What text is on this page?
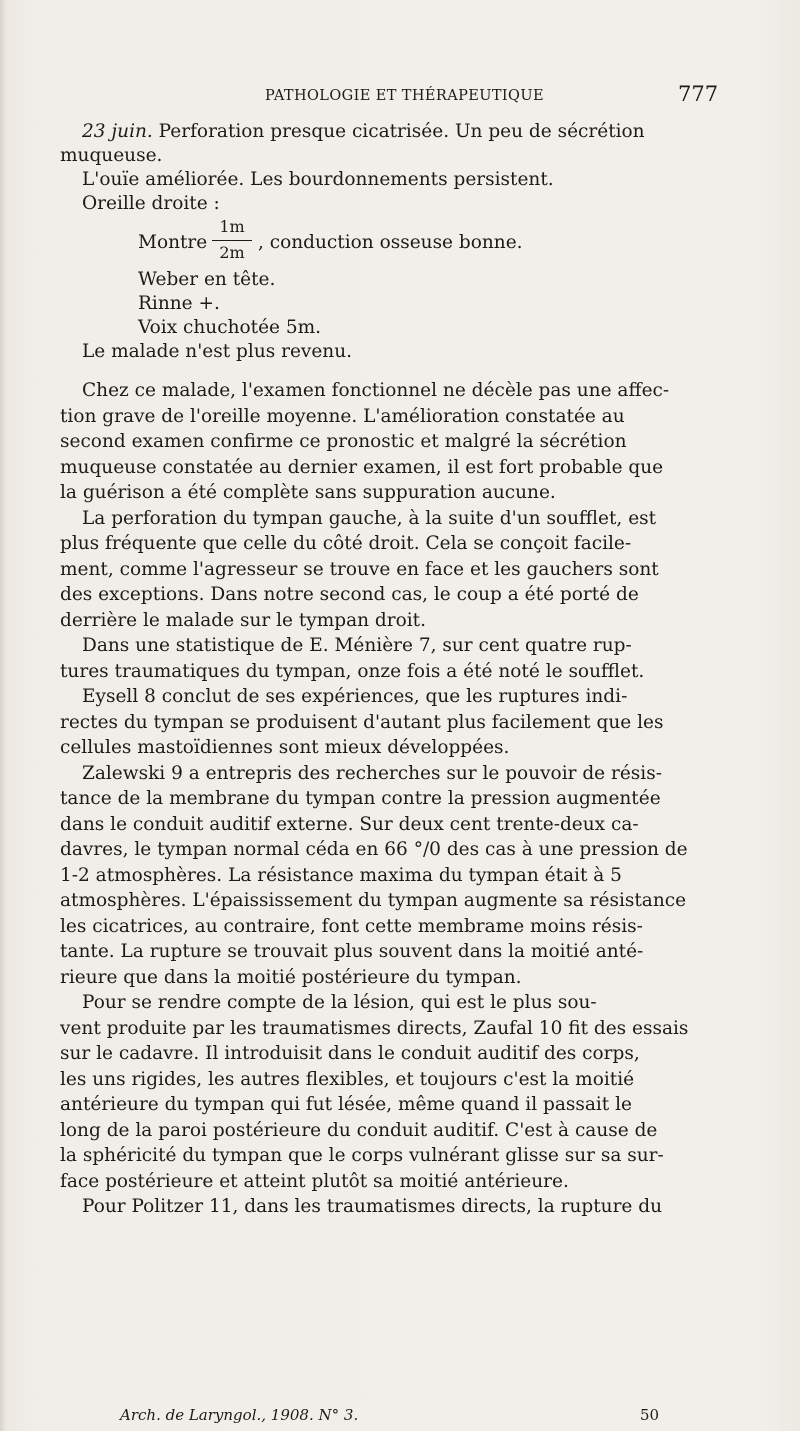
PATHOLOGIE ET THÉRAPEUTIQUE	777
23 juin. Perforation presque cicatrisée. Un peu de sécrétion
muqueuse.
L'ouïe améliorée. Les bourdonnements persistent.
Oreille droite :
Montre
1m
2m , conduction osseuse bonne.
Weber en tête.
Rinne +.
Voix chuchotée 5m.
Le malade n'est plus revenu.
Chez ce malade, l'examen fonctionnel ne décèle pas une affec-
tion grave de l'oreille moyenne. L'amélioration constatée au
second examen confirme ce pronostic et malgré la sécrétion
muqueuse constatée au dernier examen, il est fort probable que
la guérison a été complète sans suppuration aucune.
La perforation du tympan gauche, à la suite d'un soufflet, est
plus fréquente que celle du côté droit. Cela se conçoit facile-
ment, comme l'agresseur se trouve en face et les gauchers sont
des exceptions. Dans notre second cas, le coup a été porté de
derrière le malade sur le tympan droit.
Dans une statistique de E. Ménière 7, sur cent quatre rup-
tures traumatiques du tympan, onze fois a été noté le soufflet.
Eysell 8 conclut de ses expériences, que les ruptures indi-
rectes du tympan se produisent d'autant plus facilement que les
cellules mastoïdiennes sont mieux développées.
Zalewski 9 a entrepris des recherches sur le pouvoir de résis-
tance de la membrane du tympan contre la pression augmentée
dans le conduit auditif externe. Sur deux cent trente-deux ca-
davres, le tympan normal céda en 66 °/0 des cas à une pression de
1-2 atmosphères. La résistance maxima du tympan était à 5
atmosphères. L'épaississement du tympan augmente sa résistance
les cicatrices, au contraire, font cette membrame moins résis-
tante. La rupture se trouvait plus souvent dans la moitié anté-
rieure que dans la moitié postérieure du tympan.
Pour se rendre compte de la lésion, qui est le plus sou-
vent produite par les traumatismes directs, Zaufal 10 fit des essais
sur le cadavre. Il introduisit dans le conduit auditif des corps,
les uns rigides, les autres flexibles, et toujours c'est la moitié
antérieure du tympan qui fut lésée, même quand il passait le
long de la paroi postérieure du conduit auditif. C'est à cause de
la sphéricité du tympan que le corps vulnérant glisse sur sa sur-
face postérieure et atteint plutôt sa moitié antérieure.
Pour Politzer 11, dans les traumatismes directs, la rupture du
Arch. de Laryngol., 1908. N° 3.	50
